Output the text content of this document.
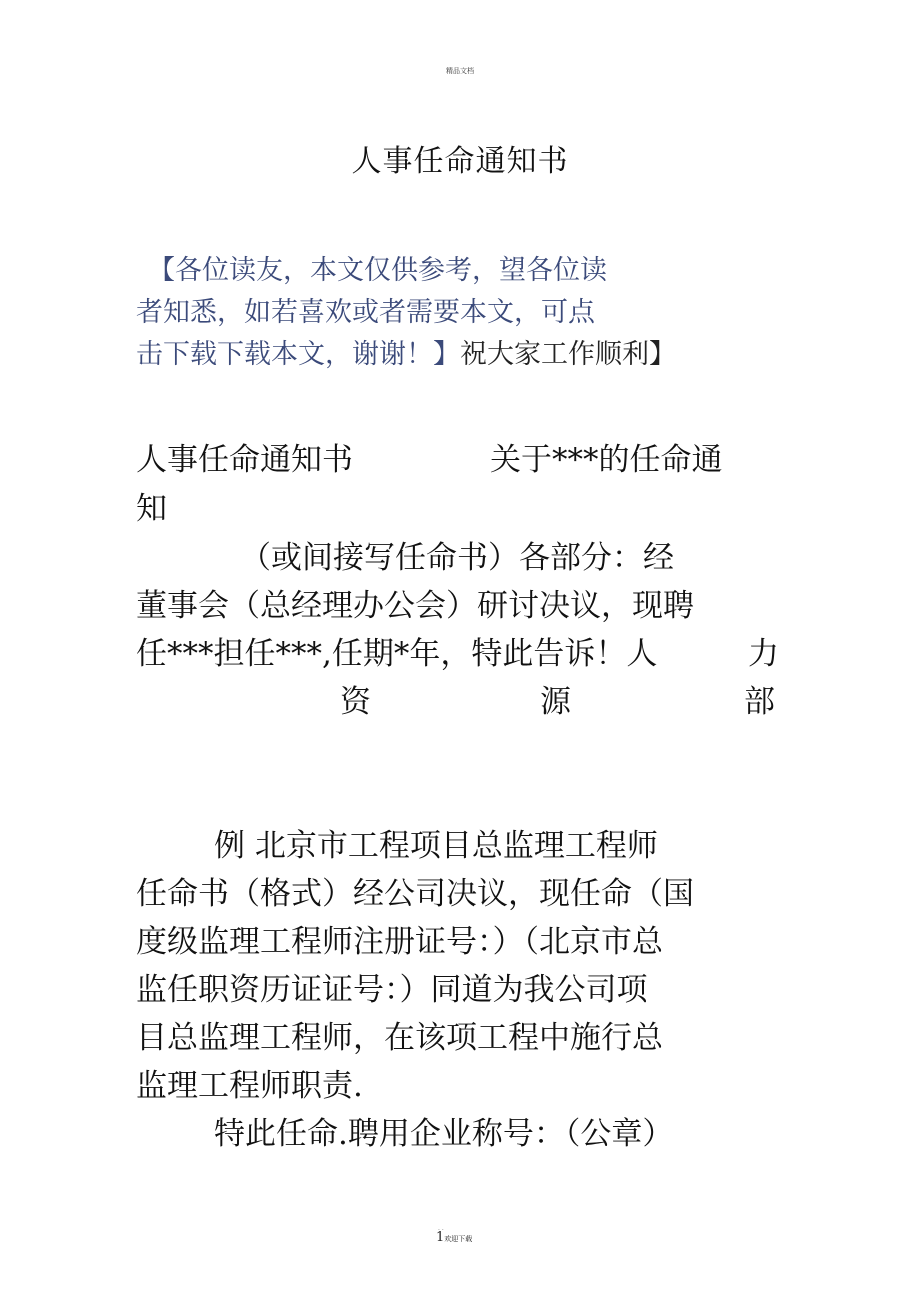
精品文档
人事任命通知书
【各位读友，本文仅供参考，望各位读
者知悉，如若喜欢或者需要本文，可点
击下载下载本文，谢谢！】祝大家工作顺利】
人事任命通知书	关于***的任命通
知
（或间接写任命书）各部分：经
董事会（总经理办公会）研讨决议，现聘
任***担任***,任期*年，特此告诉！人	力
资	源	部
例 北京市工程项目总监理工程师
任命书（格式）经公司决议，现任命（国
度级监理工程师注册证号：）（北京市总
监任职资历证证号：）同道为我公司项
目总监理工程师，在该项工程中施行总
监理工程师职责.
特此任命.聘用企业称号：（公章）
. .
1欢迎下载
